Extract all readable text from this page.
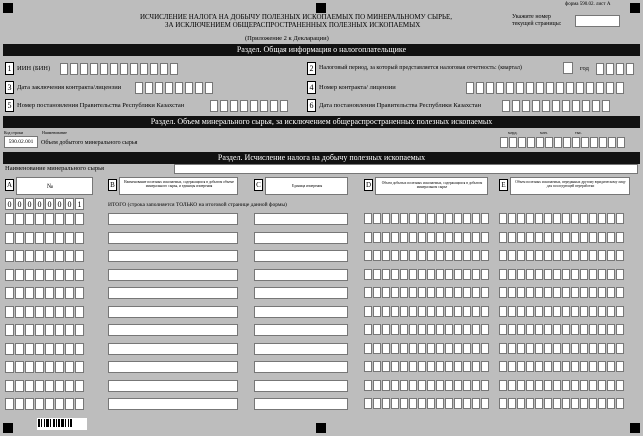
форма 590.02. лист А
ИСЧИСЛЕНИЕ НАЛОГА НА ДОБЫЧУ ПОЛЕЗНЫХ ИСКОПАЕМЫХ ПО МИНЕРАЛЬНОМУ СЫРЬЕ,
ЗА ИСКЛЮЧЕНИЕМ ОБЩЕРАСПРОСТРАНЕННЫХ ПОЛЕЗНЫХ ИСКОПАЕМЫХ
(Приложение 2 к Декларации)
Укажите номер текущей страницы:
Раздел. Общая информация о налогоплательщике
1 ИИН (БИН)	2 Налоговый период, за который представляется налоговая отчетность: (квартал)	год
3 Дата заключения контракта/лицензии	4 Номер контракта/ лицензии
5 Номер постановления Правительства Республики Казахстан	6 Дата постановления Правительства Республики Казахстан
Раздел. Объем минерального сырья, за исключением общераспространенных полезных ископаемых
Код строки	Наименование	млрд.	млн.	тыс.
590.02.001	Объем добытого минерального сырья
Раздел. Исчисление налога на добычу полезных ископаемых
Наименование минерального сырья
A	№	B	Наименование полезных ископаемых, содержащихся в добытом объеме минерального сырья, и единицы измерения	C	Единица измерения	D	Объем добытых полезных ископаемых, содержащихся в добытом минеральном сырье	E	Объем полезных ископаемых, переданных другому юридическому лицу для последующей переработки
0 0 0 0 0 0 0 1	ИТОГО (строка заполняется ТОЛЬКО на итоговой странице данной формы)
